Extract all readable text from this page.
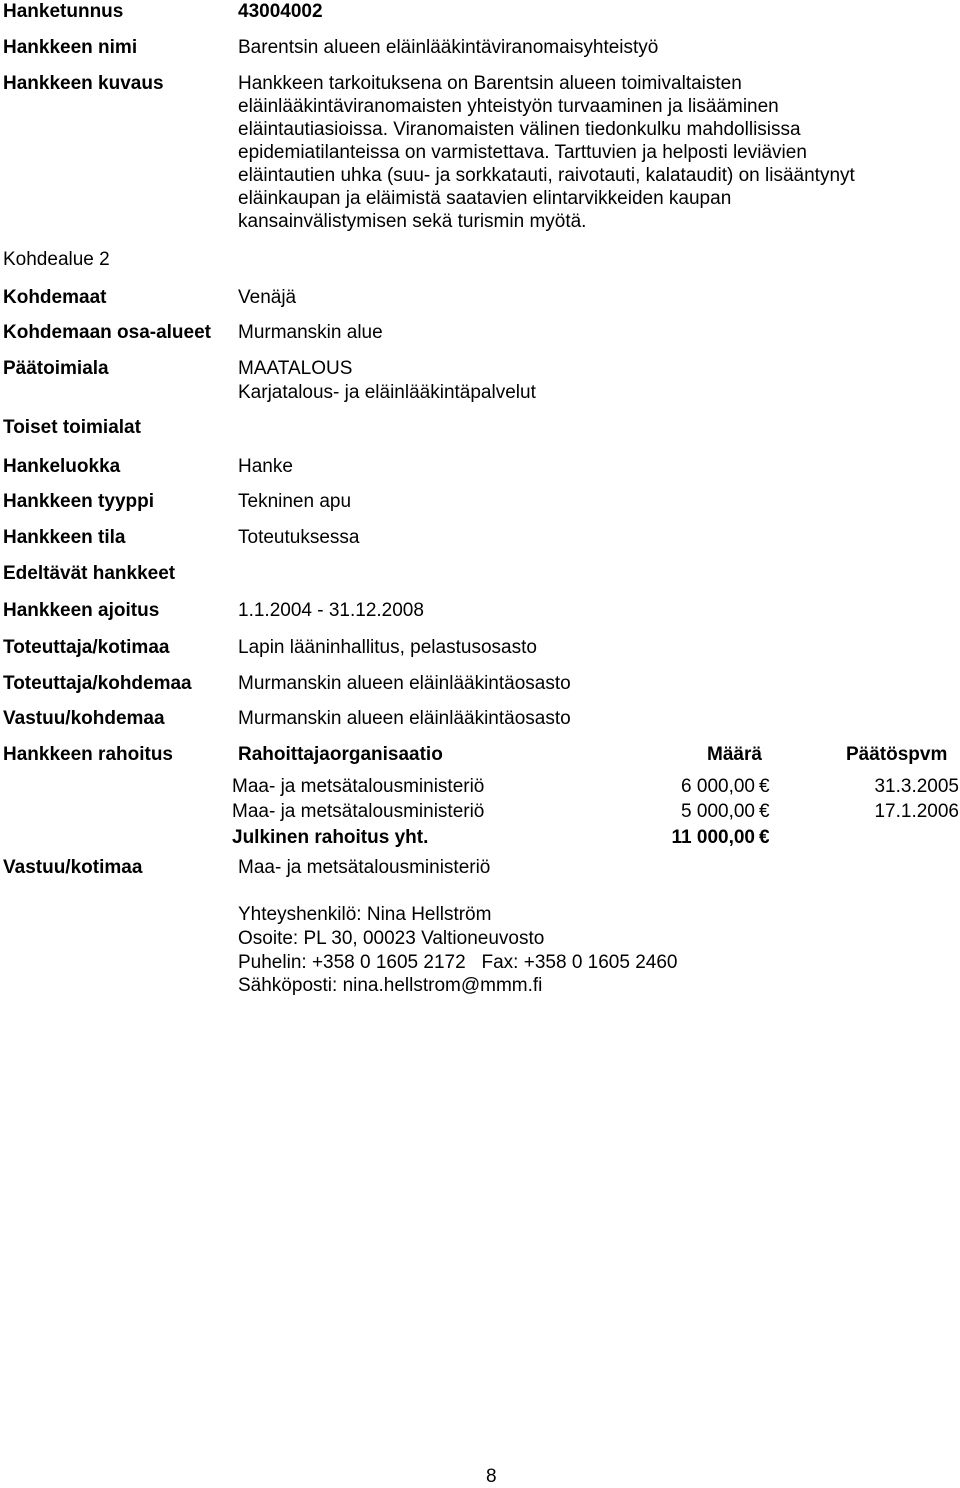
Hanketunnus	43004002
Hankkeen nimi	Barentsin alueen eläinlääkintäviranomaisyhteistyö
Hankkeen kuvaus	Hankkeen tarkoituksena on Barentsin alueen toimivaltaisten

eläinlääkintäviranomaisten yhteistyön turvaaminen ja lisääminen

eläintautiasioissa. Viranomaisten välinen tiedonkulku mahdollisissa

epidemiatilanteissa on varmistettava. Tarttuvien ja helposti leviävien

eläintautien uhka (suu- ja sorkkatauti, raivotauti, kalataudit) on lisääntynyt

eläinkaupan ja eläimistä saatavien elintarvikkeiden kaupan

kansainvälistymisen sekä turismin myötä.

Kohdealue 2
Kohdemaat	Venäjä
Kohdemaan osa-alueet Murmanskin alue
Päätoimiala	MAATALOUS
Karjatalous- ja eläinlääkintäpalvelut
Toiset toimialat
Hankeluokka	Hanke
Hankkeen tyyppi	Tekninen apu
Hankkeen tila	Toteutuksessa
Edeltävät hankkeet
Hankkeen ajoitus	1.1.2004 - 31.12.2008
Toteuttaja/kotimaa	Lapin lääninhallitus, pelastusosasto
Toteuttaja/kohdemaa Murmanskin alueen eläinlääkintäosasto
Vastuu/kohdemaa	Murmanskin alueen eläinlääkintäosasto
Hankkeen rahoitus	Rahoittajaorganisaatio	Määrä	Päätöspvm
Maa- ja metsätalousministeriö	6 000,00 €	31.3.2005
Maa- ja metsätalousministeriö	5 000,00 €	17.1.2006
Julkinen rahoitus yht.	11 000,00 €
Vastuu/kotimaa	Maa- ja metsätalousministeriö
Yhteyshenkilö: Nina Hellström
Osoite: PL 30, 00023 Valtioneuvosto
Puhelin: +358 0 1605 2172   Fax: +358 0 1605 2460
Sähköposti: nina.hellstrom@mmm.fi
8
